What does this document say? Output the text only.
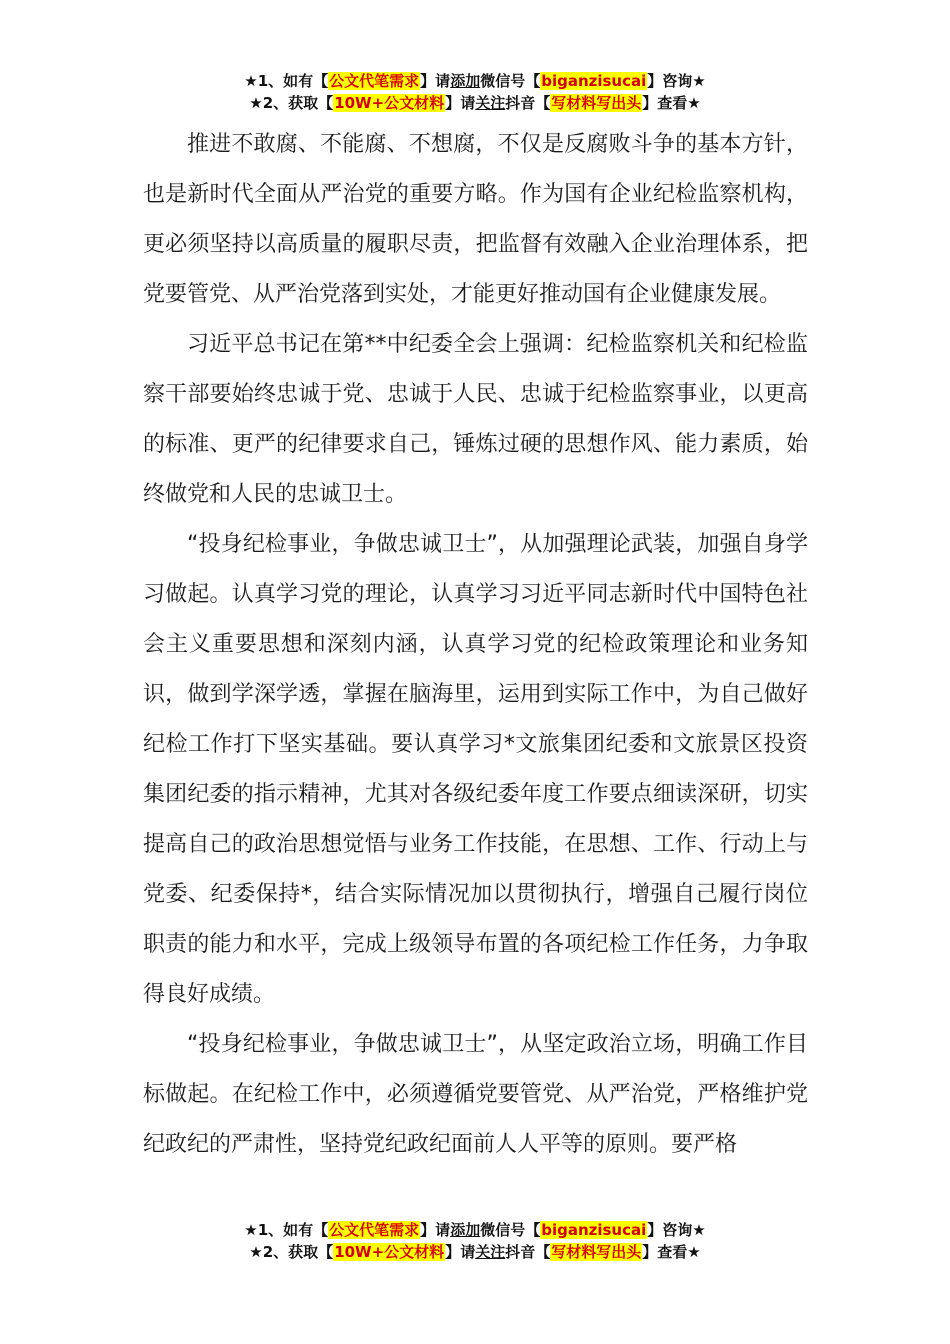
★1、如有【公文代笔需求】请添加微信号【biganzisucai】咨询★
★2、获取【10W+公文材料】请关注抖音【写材料写出头】查看★

推进不敢腐、不能腐、不想腐，不仅是反腐败斗争的基本方针，也是新时代全面从严治党的重要方略。作为国有企业纪检监察机构，更必须坚持以高质量的履职尽责，把监督有效融入企业治理体系，把党要管党、从严治党落到实处，才能更好推动国有企业健康发展。

习近平总书记在第**中纪委全会上强调：纪检监察机关和纪检监察干部要始终忠诚于党、忠诚于人民、忠诚于纪检监察事业，以更高的标准、更严的纪律要求自己，锤炼过硬的思想作风、能力素质，始终做党和人民的忠诚卫士。

“投身纪检事业，争做忠诚卫士”，从加强理论武装，加强自身学习做起。认真学习党的理论，认真学习习近平同志新时代中国特色社会主义重要思想和深刻内涵，认真学习党的纪检政策理论和业务知识，做到学深学透，掌握在脑海里，运用到实际工作中，为自己做好纪检工作打下坚实基础。要认真学习*文旅集团纪委和文旅景区投资集团纪委的指示精神，尤其对各级纪委年度工作要点细读深研，切实提高自己的政治思想觉悟与业务工作技能，在思想、工作、行动上与党委、纪委保持*，结合实际情况加以贯彻执行，增强自己履行岗位职责的能力和水平，完成上级领导布置的各项纪检工作任务，力争取得良好成绩。

“投身纪检事业，争做忠诚卫士”，从坚定政治立场，明确工作目标做起。在纪检工作中，必须遵循党要管党、从严治党，严格维护党纪政纪的严肃性，坚持党纪政纪面前人人平等的原则。要严格

★1、如有【公文代笔需求】请添加微信号【biganzisucai】咨询★
★2、获取【10W+公文材料】请关注抖音【写材料写出头】查看★
